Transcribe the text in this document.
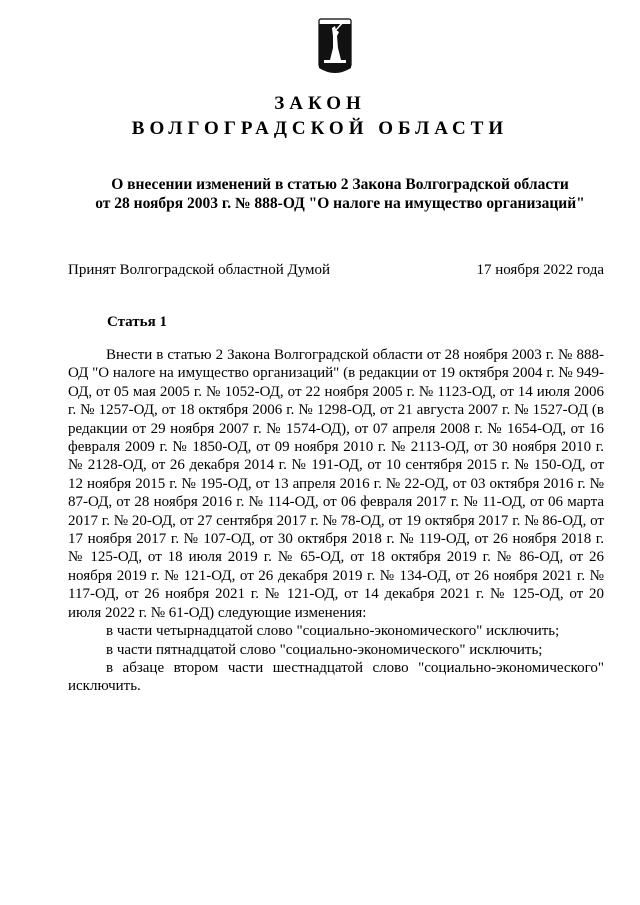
ЗАКОН
ВОЛГОГРАДСКОЙ ОБЛАСТИ
О внесении изменений в статью 2 Закона Волгоградской области
от 28 ноября 2003 г. № 888-ОД "О налоге на имущество организаций"
Принят Волгоградской областной Думой	17 ноября 2022 года
Статья 1

Внести в статью 2 Закона Волгоградской области от 28 ноября 2003 г. № 888-ОД "О налоге на имущество организаций" (в редакции от 19 октября 2004 г. № 949-ОД, от 05 мая 2005 г. № 1052-ОД, от 22 ноября 2005 г. № 1123-ОД, от 14 июля 2006 г. № 1257-ОД, от 18 октября 2006 г. № 1298-ОД, от 21 августа 2007 г. № 1527-ОД (в редакции от 29 ноября 2007 г. № 1574-ОД), от 07 апреля 2008 г. № 1654-ОД, от 16 февраля 2009 г. № 1850-ОД, от 09 ноября 2010 г. № 2113-ОД, от 30 ноября 2010 г. № 2128-ОД, от 26 декабря 2014 г. № 191-ОД, от 10 сентября 2015 г. № 150-ОД, от 12 ноября 2015 г. № 195-ОД, от 13 апреля 2016 г. № 22-ОД, от 03 октября 2016 г. № 87-ОД, от 28 ноября 2016 г. № 114-ОД, от 06 февраля 2017 г. № 11-ОД, от 06 марта 2017 г. № 20-ОД, от 27 сентября 2017 г. № 78-ОД, от 19 октября 2017 г. № 86-ОД, от 17 ноября 2017 г. № 107-ОД, от 30 октября 2018 г. № 119-ОД, от 26 ноября 2018 г. № 125-ОД, от 18 июля 2019 г. № 65-ОД, от 18 октября 2019 г. № 86-ОД, от 26 ноября 2019 г. № 121-ОД, от 26 декабря 2019 г. № 134-ОД, от 26 ноября 2021 г. № 117-ОД, от 26 ноября 2021 г. № 121-ОД, от 14 декабря 2021 г. № 125-ОД, от 20 июля 2022 г. № 61-ОД) следующие изменения:

в части четырнадцатой слово "социально-экономического" исключить;

в части пятнадцатой слово "социально-экономического" исключить;

в абзаце втором части шестнадцатой слово "социально-экономического" исключить.
